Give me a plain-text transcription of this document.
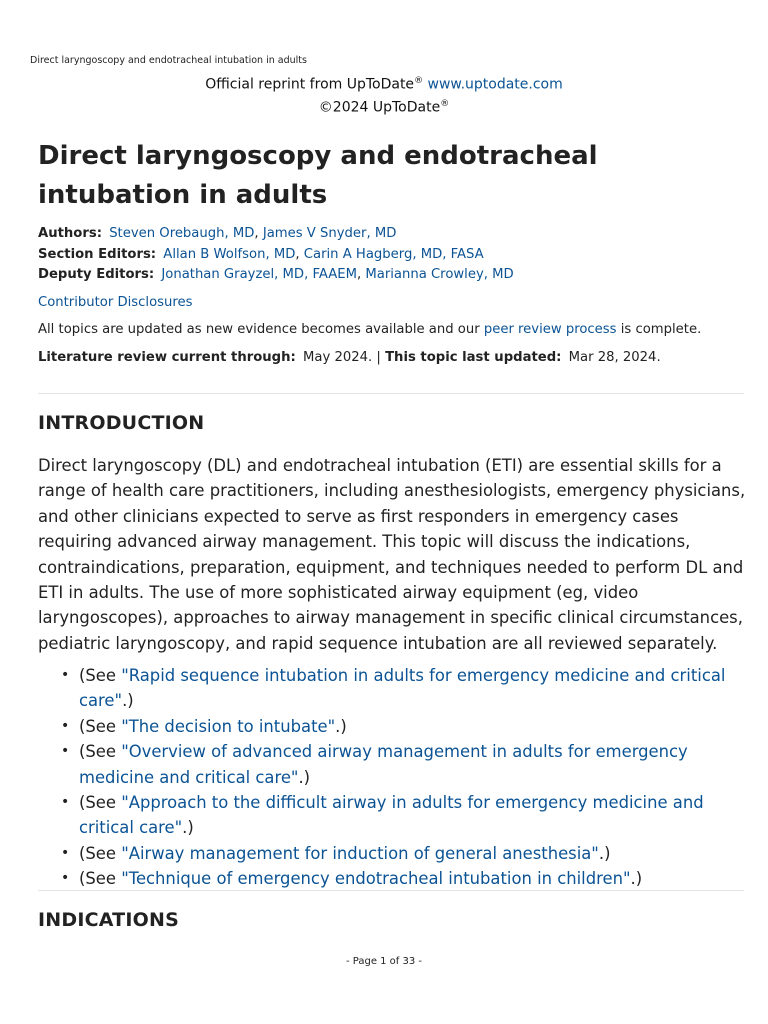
Direct laryngoscopy and endotracheal intubation in adults
Official reprint from UpToDate® www.uptodate.com
©2024 UpToDate®
Direct laryngoscopy and endotracheal intubation in adults
Authors: Steven Orebaugh, MD, James V Snyder, MD
Section Editors: Allan B Wolfson, MD, Carin A Hagberg, MD, FASA
Deputy Editors: Jonathan Grayzel, MD, FAAEM, Marianna Crowley, MD
Contributor Disclosures
All topics are updated as new evidence becomes available and our peer review process is complete.
Literature review current through: May 2024. | This topic last updated: Mar 28, 2024.
INTRODUCTION

Direct laryngoscopy (DL) and endotracheal intubation (ETI) are essential skills for a range of health care practitioners, including anesthesiologists, emergency physicians, and other clinicians expected to serve as first responders in emergency cases requiring advanced airway management. This topic will discuss the indications, contraindications, preparation, equipment, and techniques needed to perform DL and ETI in adults. The use of more sophisticated airway equipment (eg, video laryngoscopes), approaches to airway management in specific clinical circumstances, pediatric laryngoscopy, and rapid sequence intubation are all reviewed separately.

• (See "Rapid sequence intubation in adults for emergency medicine and critical care".)
• (See "The decision to intubate".)
• (See "Overview of advanced airway management in adults for emergency medicine and critical care".)
• (See "Approach to the difficult airway in adults for emergency medicine and critical care".)
• (See "Airway management for induction of general anesthesia".)
• (See "Technique of emergency endotracheal intubation in children".)
INDICATIONS
- Page 1 of 33 -
